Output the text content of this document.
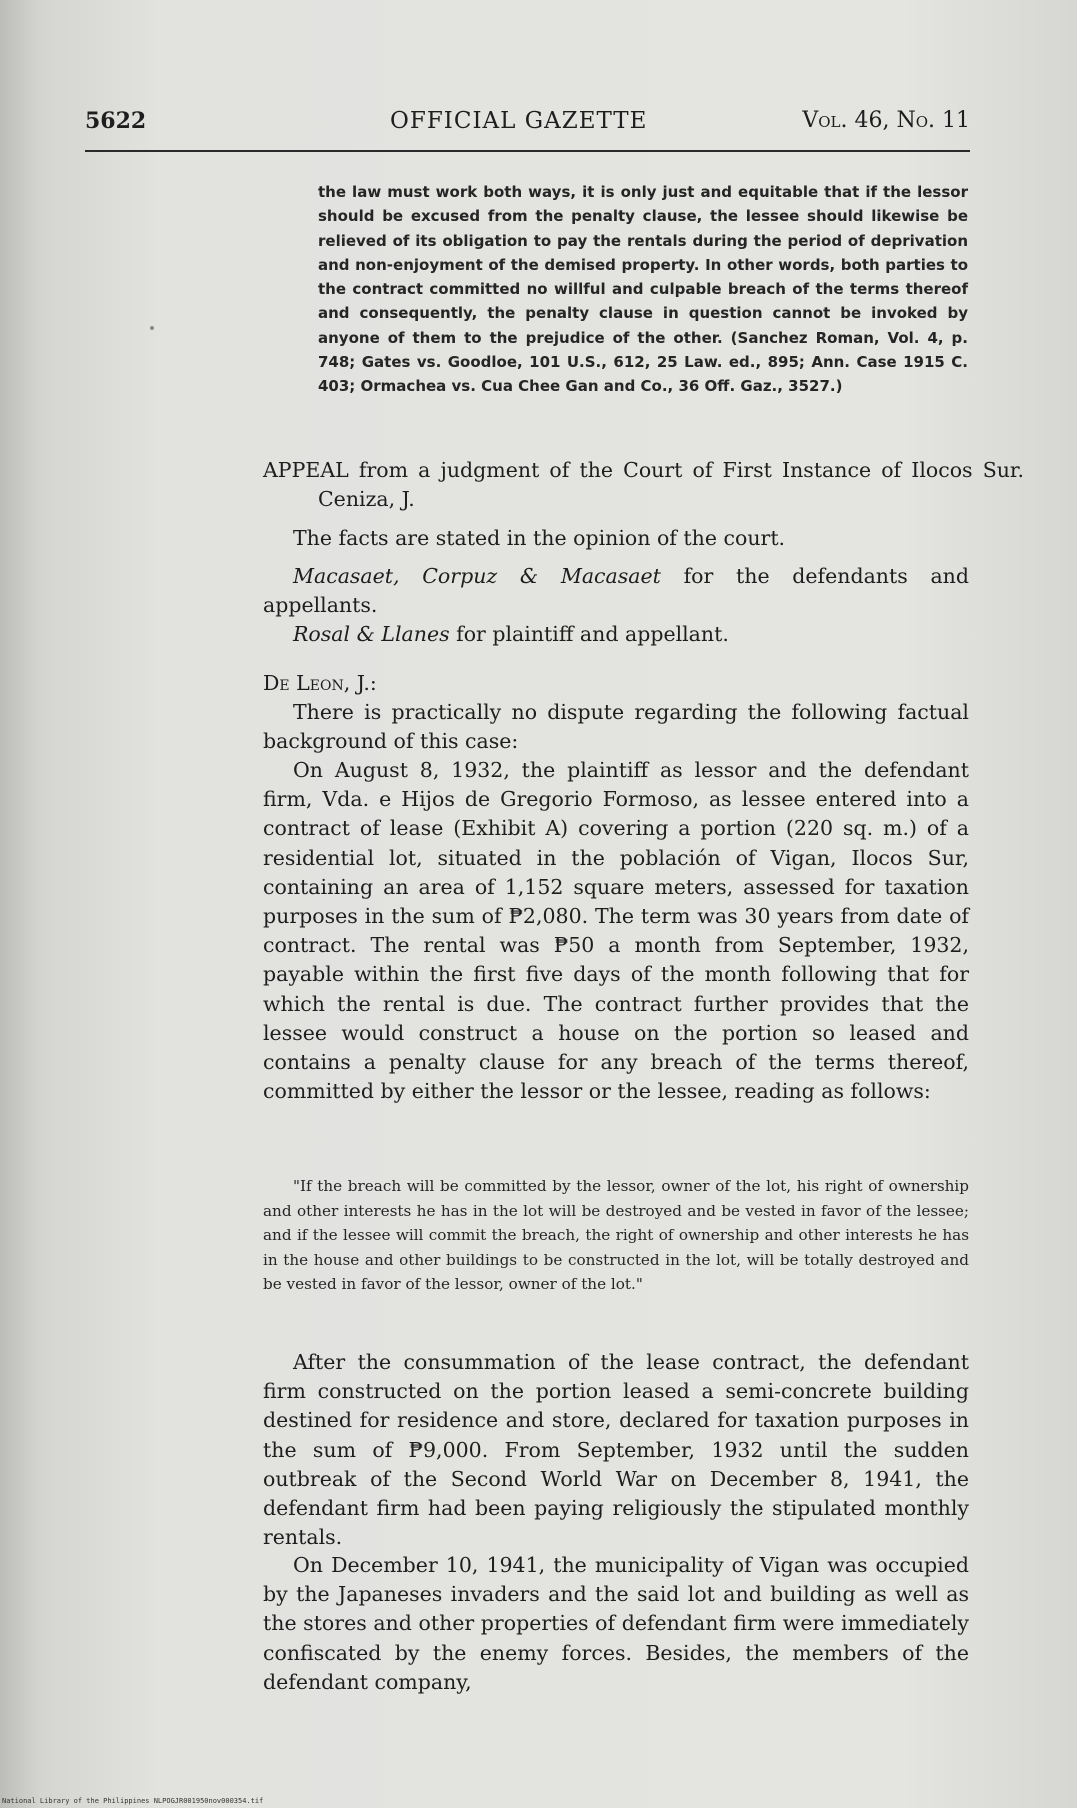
5622	OFFICIAL GAZETTE	Vol. 46, No. 11

the law must work both ways, it is only just and equitable that if the lessor should be excused from the penalty clause, the lessee should likewise be relieved of its obligation to pay the rentals during the period of deprivation and non-enjoyment of the demised property. In other words, both parties to the contract committed no willful and culpable breach of the terms thereof and consequently, the penalty clause in question cannot be invoked by anyone of them to the prejudice of the other. (Sanchez Roman, Vol. 4, p. 748; Gates vs. Goodloe, 101 U.S., 612, 25 Law. ed., 895; Ann. Case 1915 C. 403; Ormachea vs. Cua Chee Gan and Co., 36 Off. Gaz., 3527.)

APPEAL from a judgment of the Court of First Instance of Ilocos Sur. Ceniza, J.

The facts are stated in the opinion of the court.

Macasaet, Corpuz & Macasaet for the defendants and appellants.

Rosal & Llanes for plaintiff and appellant.

De Leon, J.:

There is practically no dispute regarding the following factual background of this case:

On August 8, 1932, the plaintiff as lessor and the defendant firm, Vda. e Hijos de Gregorio Formoso, as lessee entered into a contract of lease (Exhibit A) covering a portion (220 sq. m.) of a residential lot, situated in the población of Vigan, Ilocos Sur, containing an area of 1,152 square meters, assessed for taxation purposes in the sum of ₱2,080. The term was 30 years from date of contract. The rental was ₱50 a month from September, 1932, payable within the first five days of the month following that for which the rental is due. The contract further provides that the lessee would construct a house on the portion so leased and contains a penalty clause for any breach of the terms thereof, committed by either the lessor or the lessee, reading as follows:

"If the breach will be committed by the lessor, owner of the lot, his right of ownership and other interests he has in the lot will be destroyed and be vested in favor of the lessee; and if the lessee will commit the breach, the right of ownership and other interests he has in the house and other buildings to be constructed in the lot, will be totally destroyed and be vested in favor of the lessor, owner of the lot."

After the consummation of the lease contract, the defendant firm constructed on the portion leased a semi-concrete building destined for residence and store, declared for taxation purposes in the sum of ₱9,000. From September, 1932 until the sudden outbreak of the Second World War on December 8, 1941, the defendant firm had been paying religiously the stipulated monthly rentals.

On December 10, 1941, the municipality of Vigan was occupied by the Japaneses invaders and the said lot and building as well as the stores and other properties of defendant firm were immediately confiscated by the enemy forces. Besides, the members of the defendant company,

National Library of the Philippines NLPOGJR001950nov000354.tif
